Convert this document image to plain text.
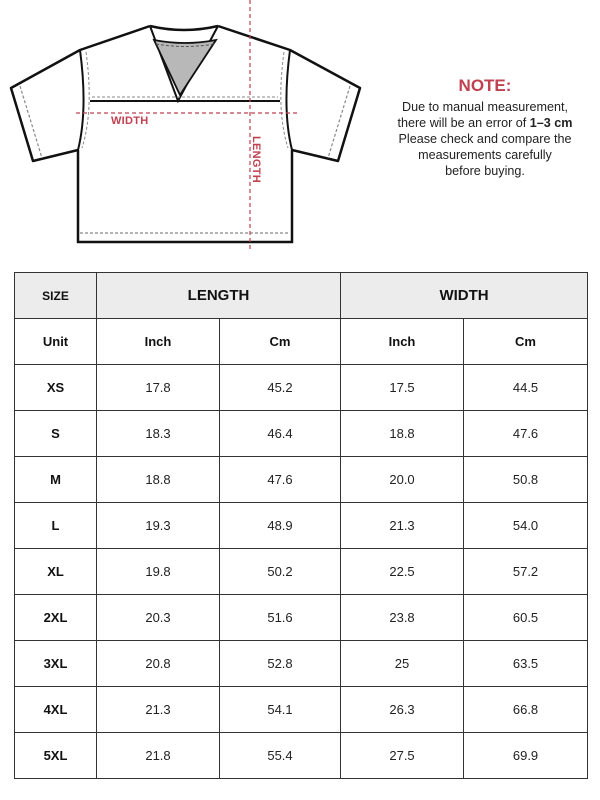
WIDTH
LENGTH
NOTE:
Due to manual measurement,
there will be an error of 1–3 cm
Please check and compare the
measurements carefully
before buying.
SIZE	LENGTH		WIDTH	
Unit	Inch	Cm	Inch	Cm
XS	17.8	45.2	17.5	44.5
S	18.3	46.4	18.8	47.6
M	18.8	47.6	20.0	50.8
L	19.3	48.9	21.3	54.0
XL	19.8	50.2	22.5	57.2
2XL	20.3	51.6	23.8	60.5
3XL	20.8	52.8	25	63.5
4XL	21.3	54.1	26.3	66.8
5XL	21.8	55.4	27.5	69.9
